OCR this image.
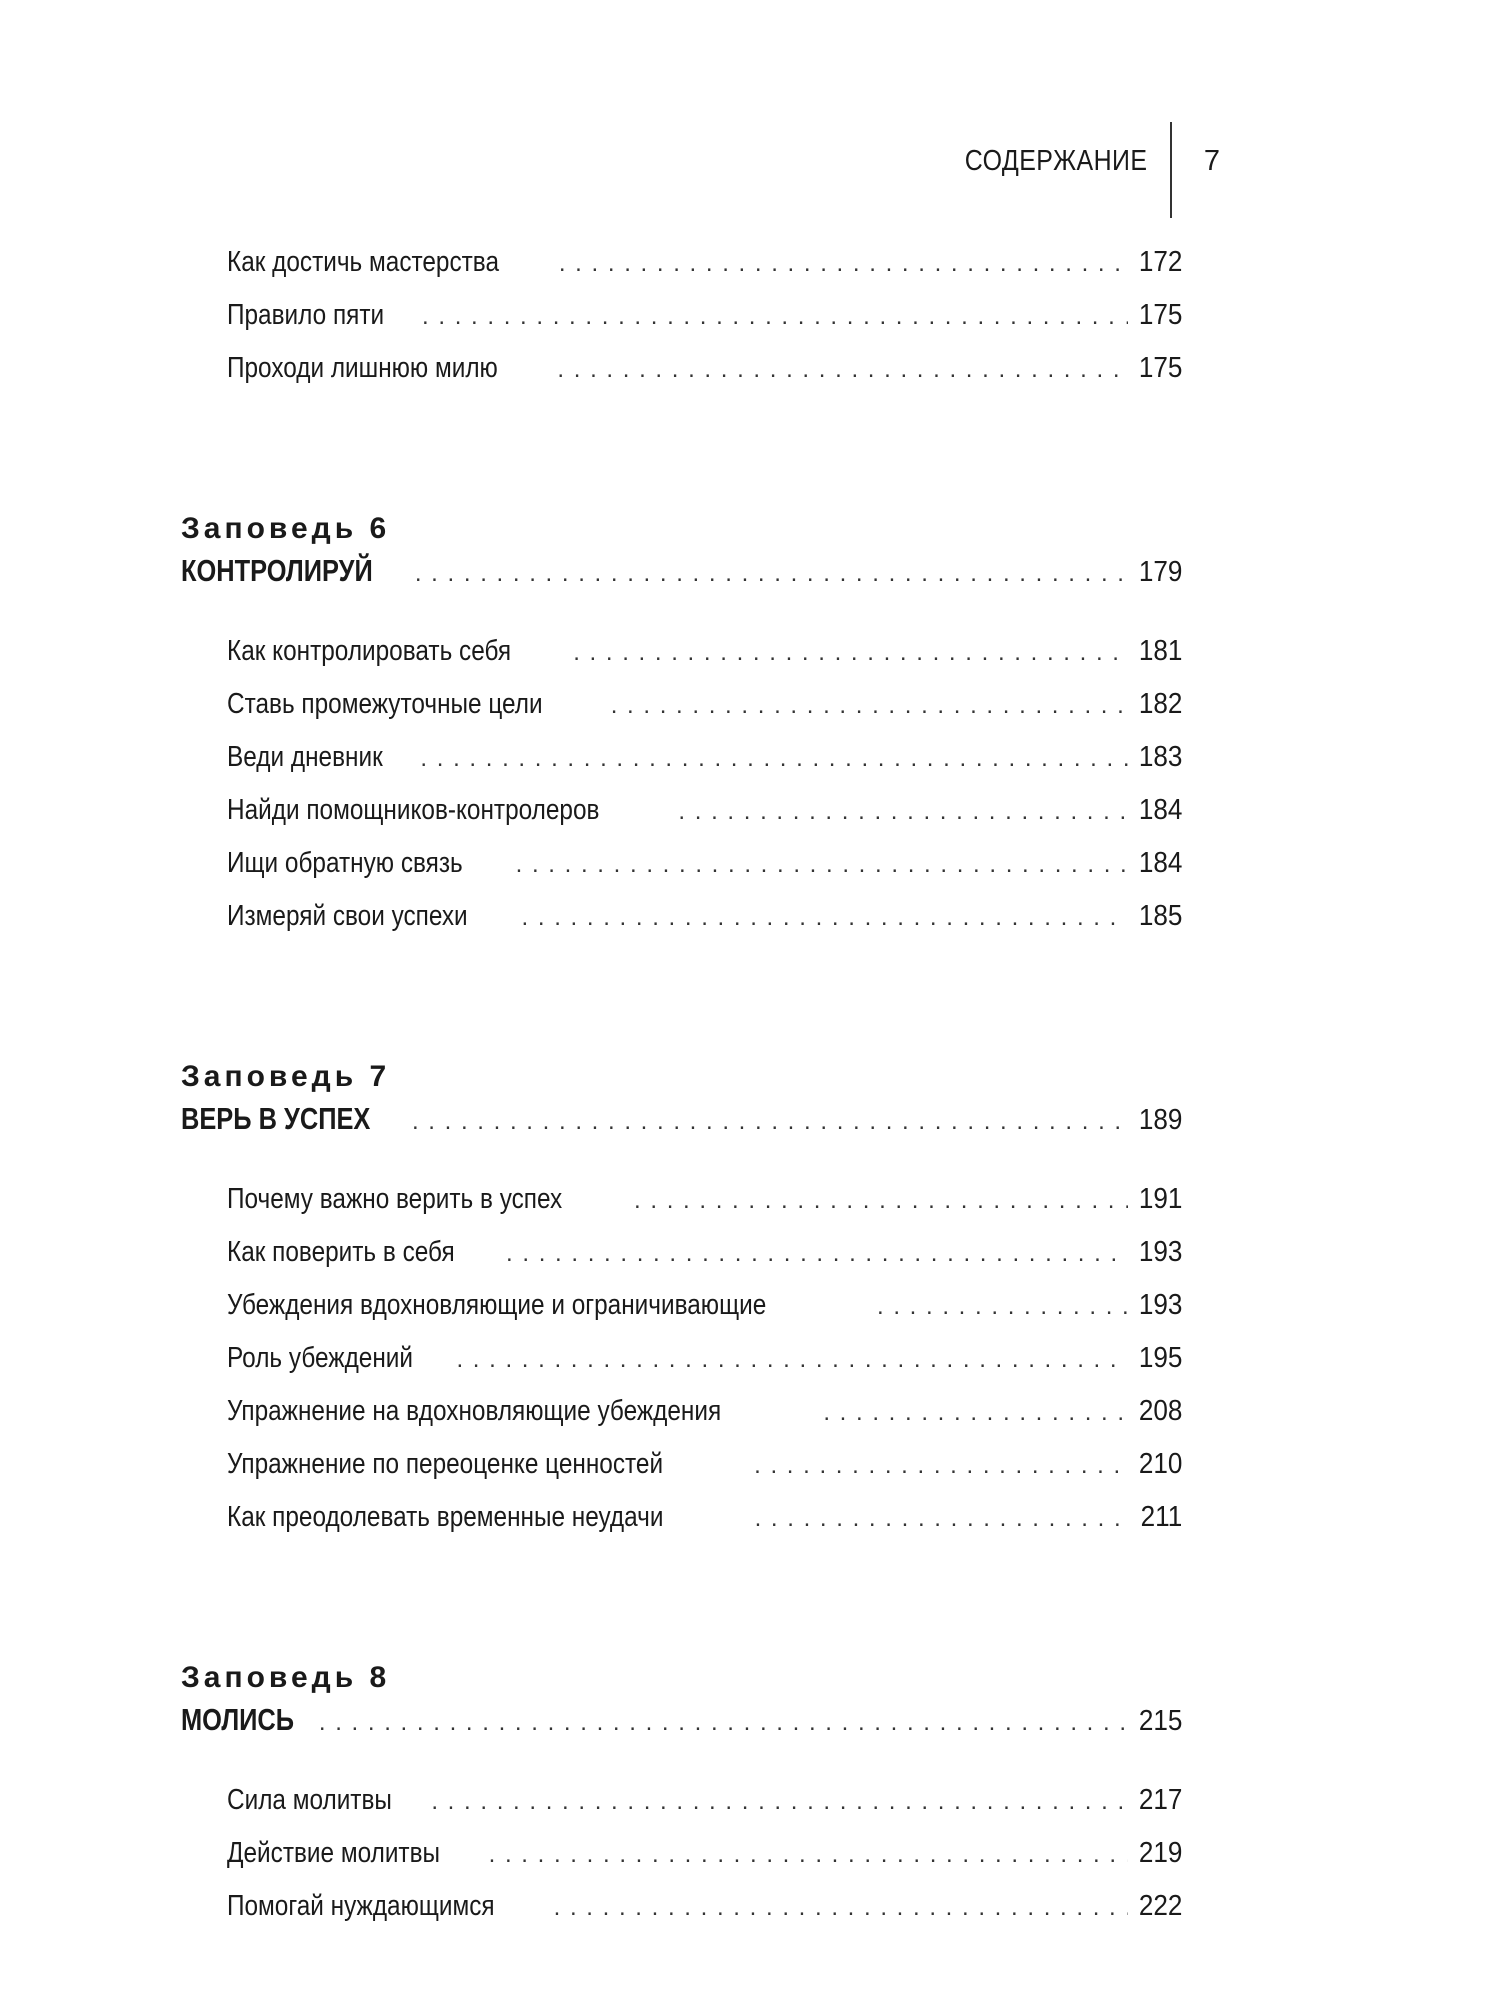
СОДЕРЖАНИЕ 7
Как достичь мастерства . . .	172
Правило пяти . . .	175
Проходи лишнюю милю . . .	175
Заповедь 6
КОНТРОЛИРУЙ . . .	179
Как контролировать себя . . .	181
Ставь промежуточные цели . . .	182
Веди дневник . . .	183
Найди помощников-контролеров . . .	184
Ищи обратную связь . . .	184
Измеряй свои успехи . . .	185
Заповедь 7
ВЕРЬ В УСПЕХ . . .	189
Почему важно верить в успех . . .	191
Как поверить в себя . . .	193
Убеждения вдохновляющие и ограничивающие . . .	193
Роль убеждений . . .	195
Упражнение на вдохновляющие убеждения . . .	208
Упражнение по переоценке ценностей . . .	210
Как преодолевать временные неудачи . . .	211
Заповедь 8
МОЛИСЬ . . .	215
Сила молитвы . . .	217
Действие молитвы . . .	219
Помогай нуждающимся . . .	222
